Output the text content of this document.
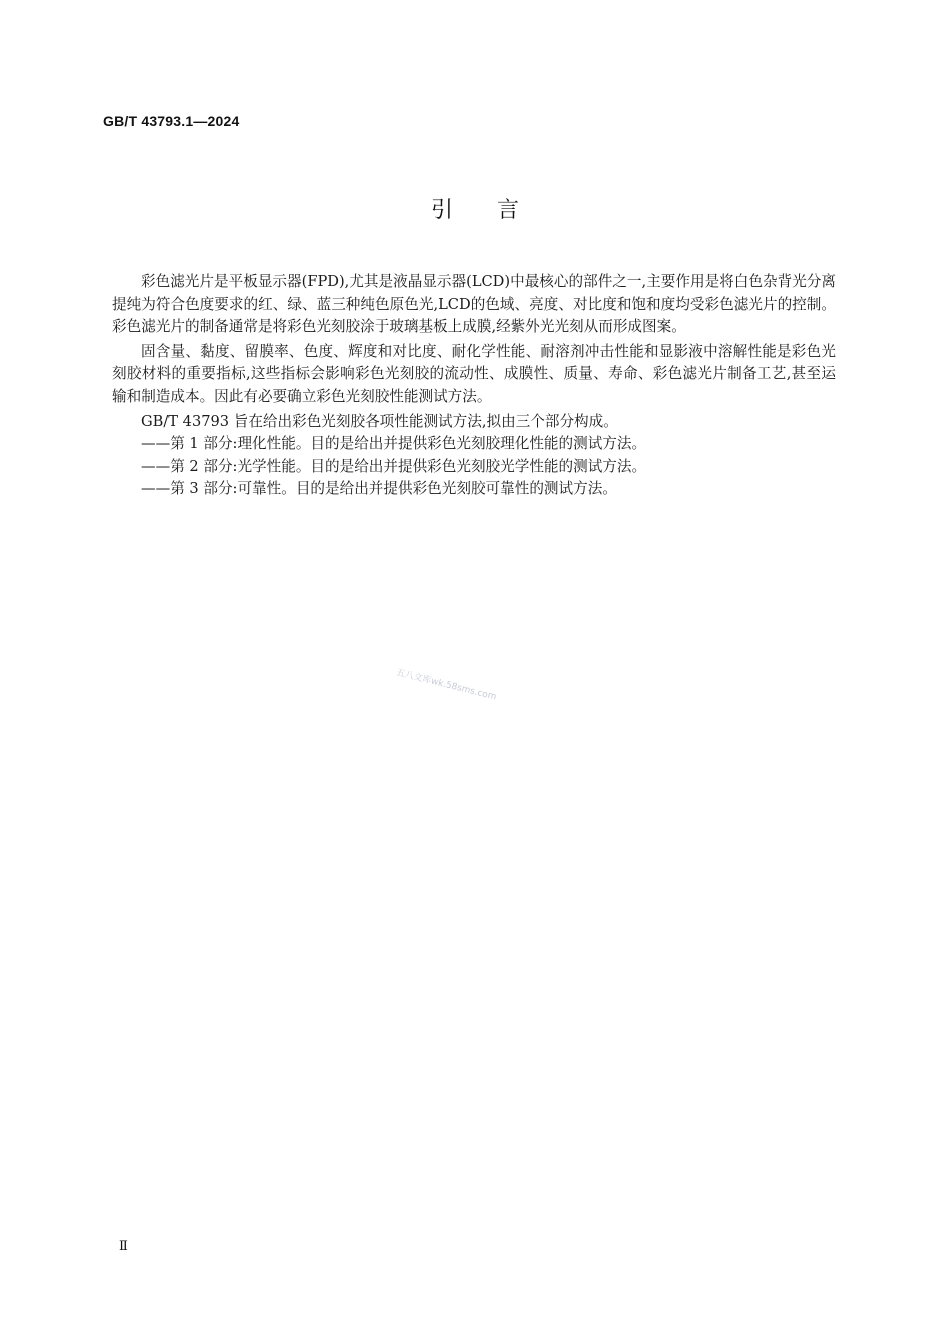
GB/T 43793.1—2024
引言

彩色滤光片是平板显示器(FPD),尤其是液晶显示器(LCD)中最核心的部件之一,主要作用是将白色杂背光分离提纯为符合色度要求的红、绿、蓝三种纯色原色光,LCD的色域、亮度、对比度和饱和度均受彩色滤光片的控制。彩色滤光片的制备通常是将彩色光刻胶涂于玻璃基板上成膜,经紫外光光刻从而形成图案。

固含量、黏度、留膜率、色度、辉度和对比度、耐化学性能、耐溶剂冲击性能和显影液中溶解性能是彩色光刻胶材料的重要指标,这些指标会影响彩色光刻胶的流动性、成膜性、质量、寿命、彩色滤光片制备工艺,甚至运输和制造成本。因此有必要确立彩色光刻胶性能测试方法。

GB/T 43793 旨在给出彩色光刻胶各项性能测试方法,拟由三个部分构成。

——第 1 部分:理化性能。目的是给出并提供彩色光刻胶理化性能的测试方法。

——第 2 部分:光学性能。目的是给出并提供彩色光刻胶光学性能的测试方法。

——第 3 部分:可靠性。目的是给出并提供彩色光刻胶可靠性的测试方法。

五八文库wk.58sms.com
Ⅱ
